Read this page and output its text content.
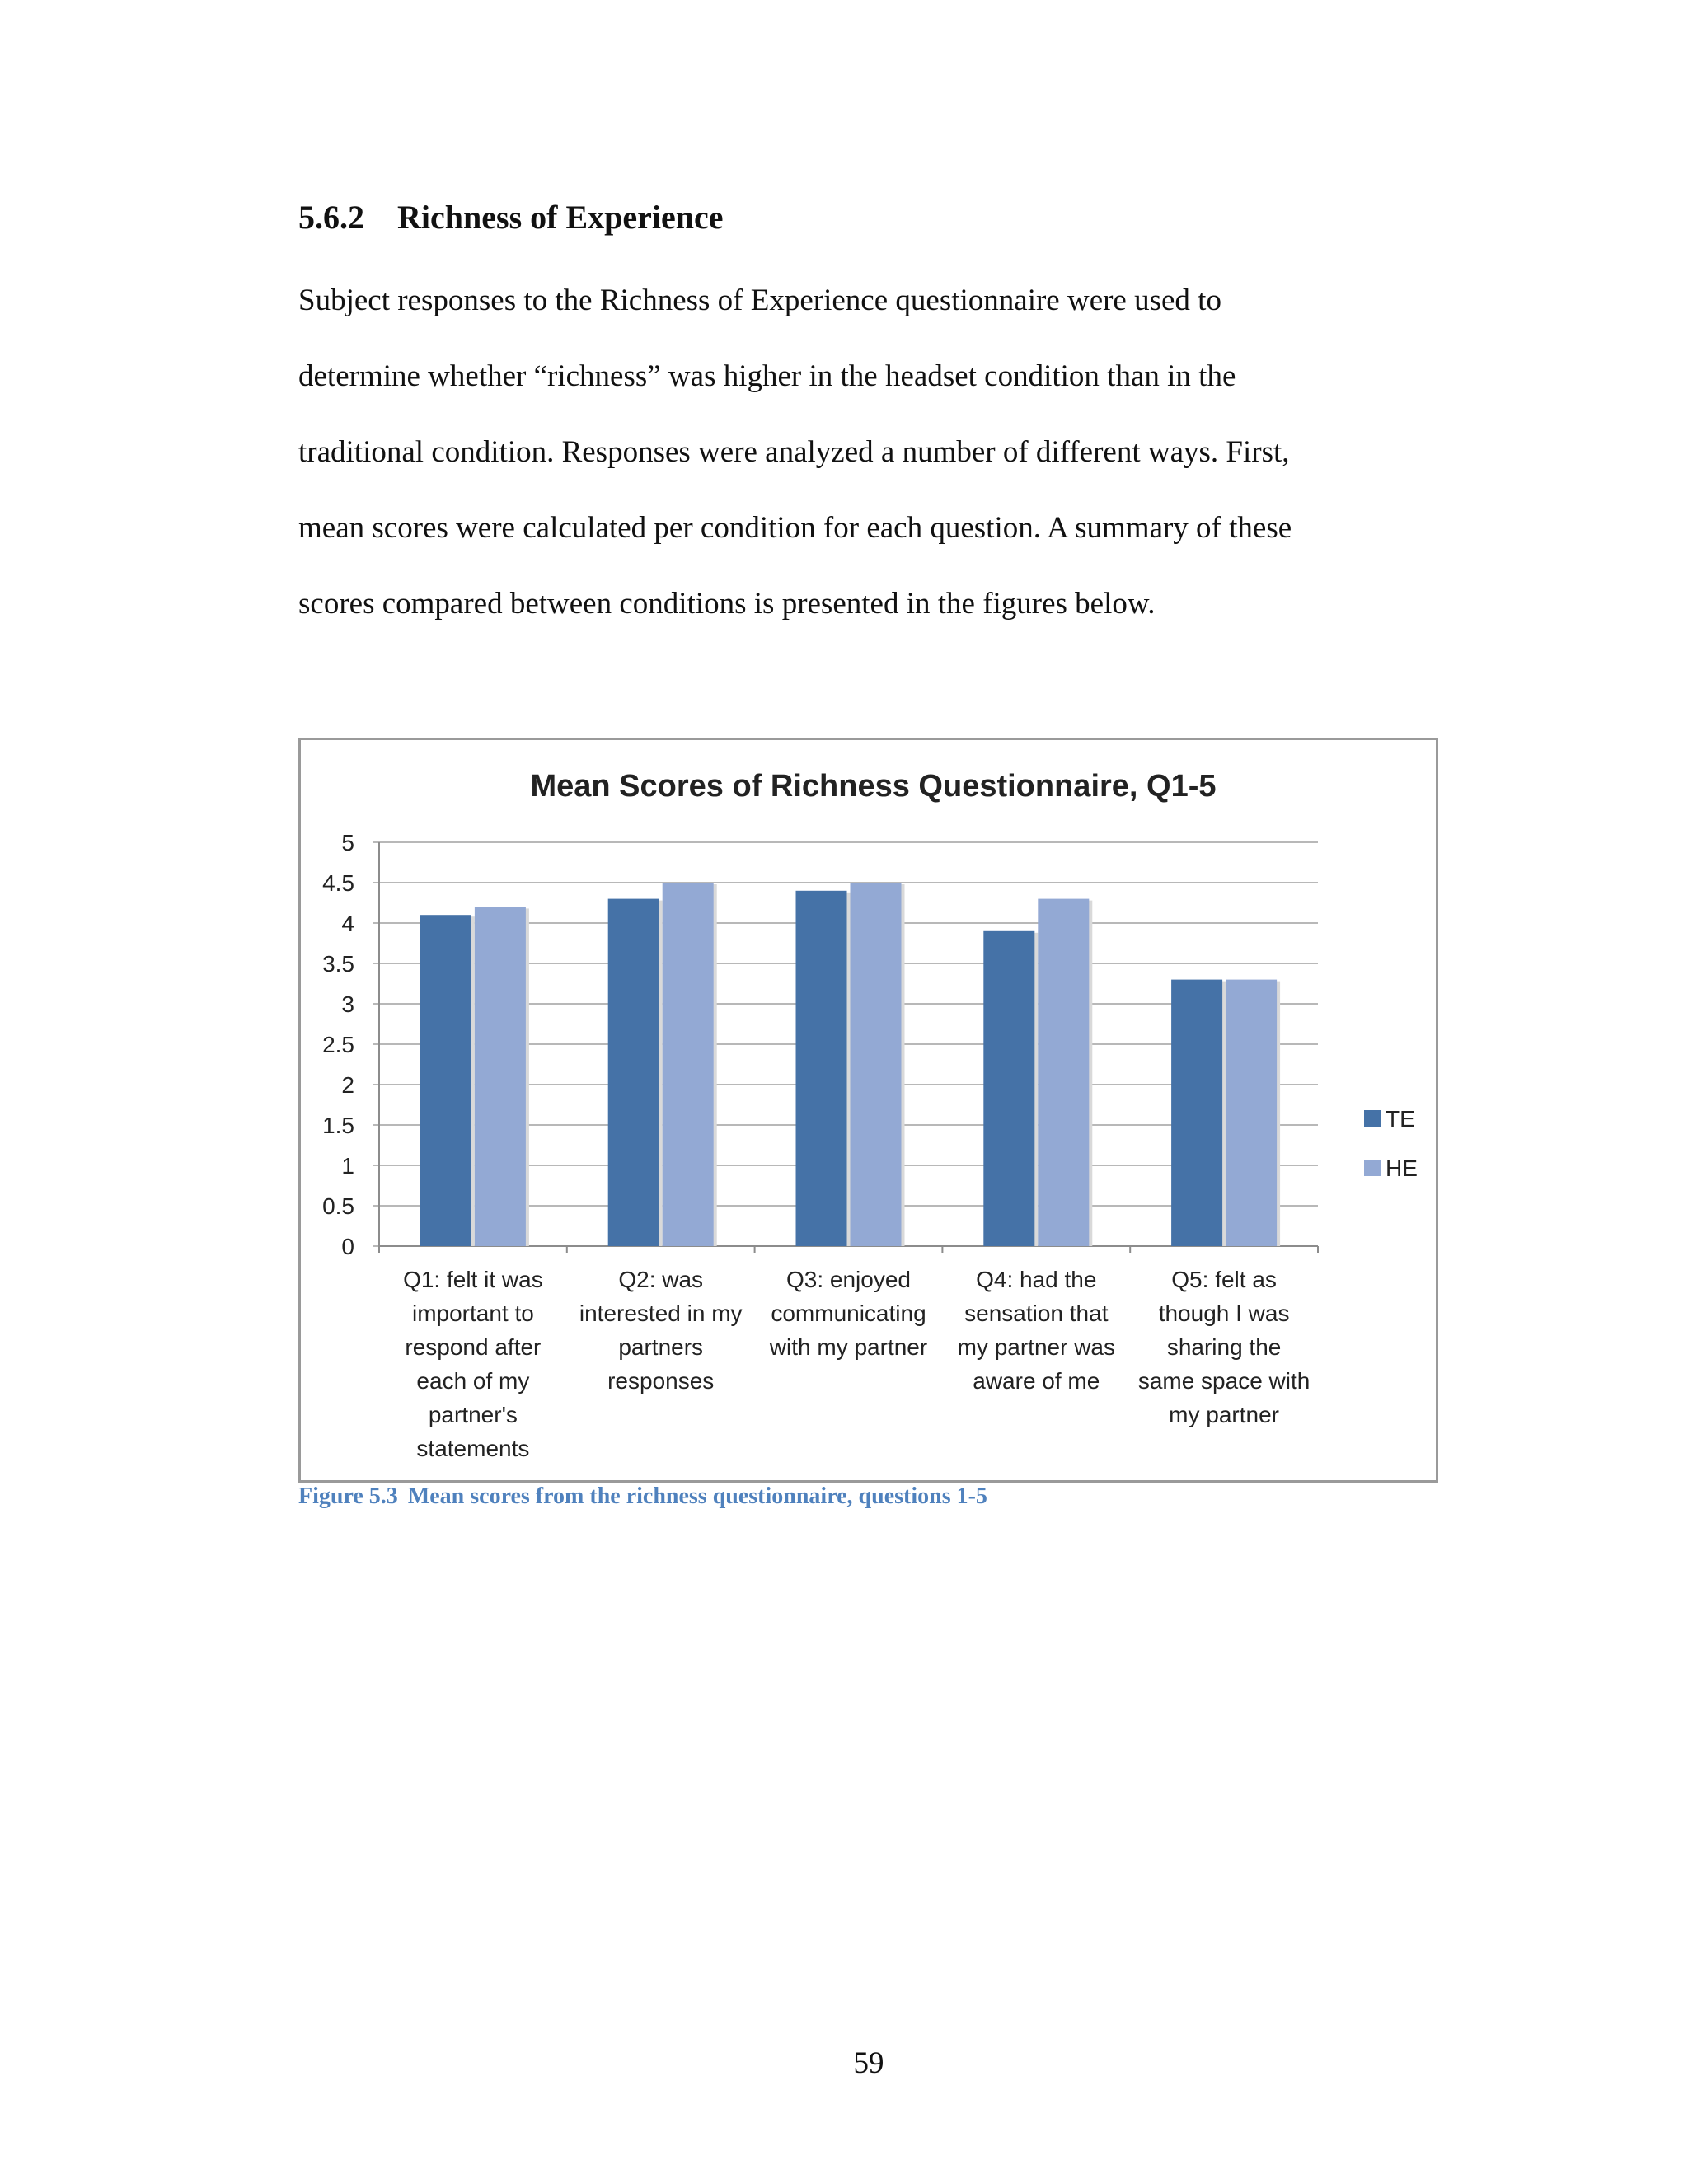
5.6.2 Richness of Experience
Subject responses to the Richness of Experience questionnaire were used to
determine whether “richness” was higher in the headset condition than in the
traditional condition. Responses were analyzed a number of different ways. First,
mean scores were calculated per condition for each question. A summary of these
scores compared between conditions is presented in the figures below.
Mean Scores of Richness Questionnaire, Q1-5
0
0.5
1
1.5
2
2.5
3
3.5
4
4.5
5
Q1: felt it was important to respond after each of my partner's statements
Q2: was interested in my partners responses
Q3: enjoyed communicating with my partner
Q4: had the sensation that my partner was aware of me
Q5: felt as though I was sharing the same space with my partner
TE
HE
Figure 5.3 Mean scores from the richness questionnaire, questions 1-5
59
